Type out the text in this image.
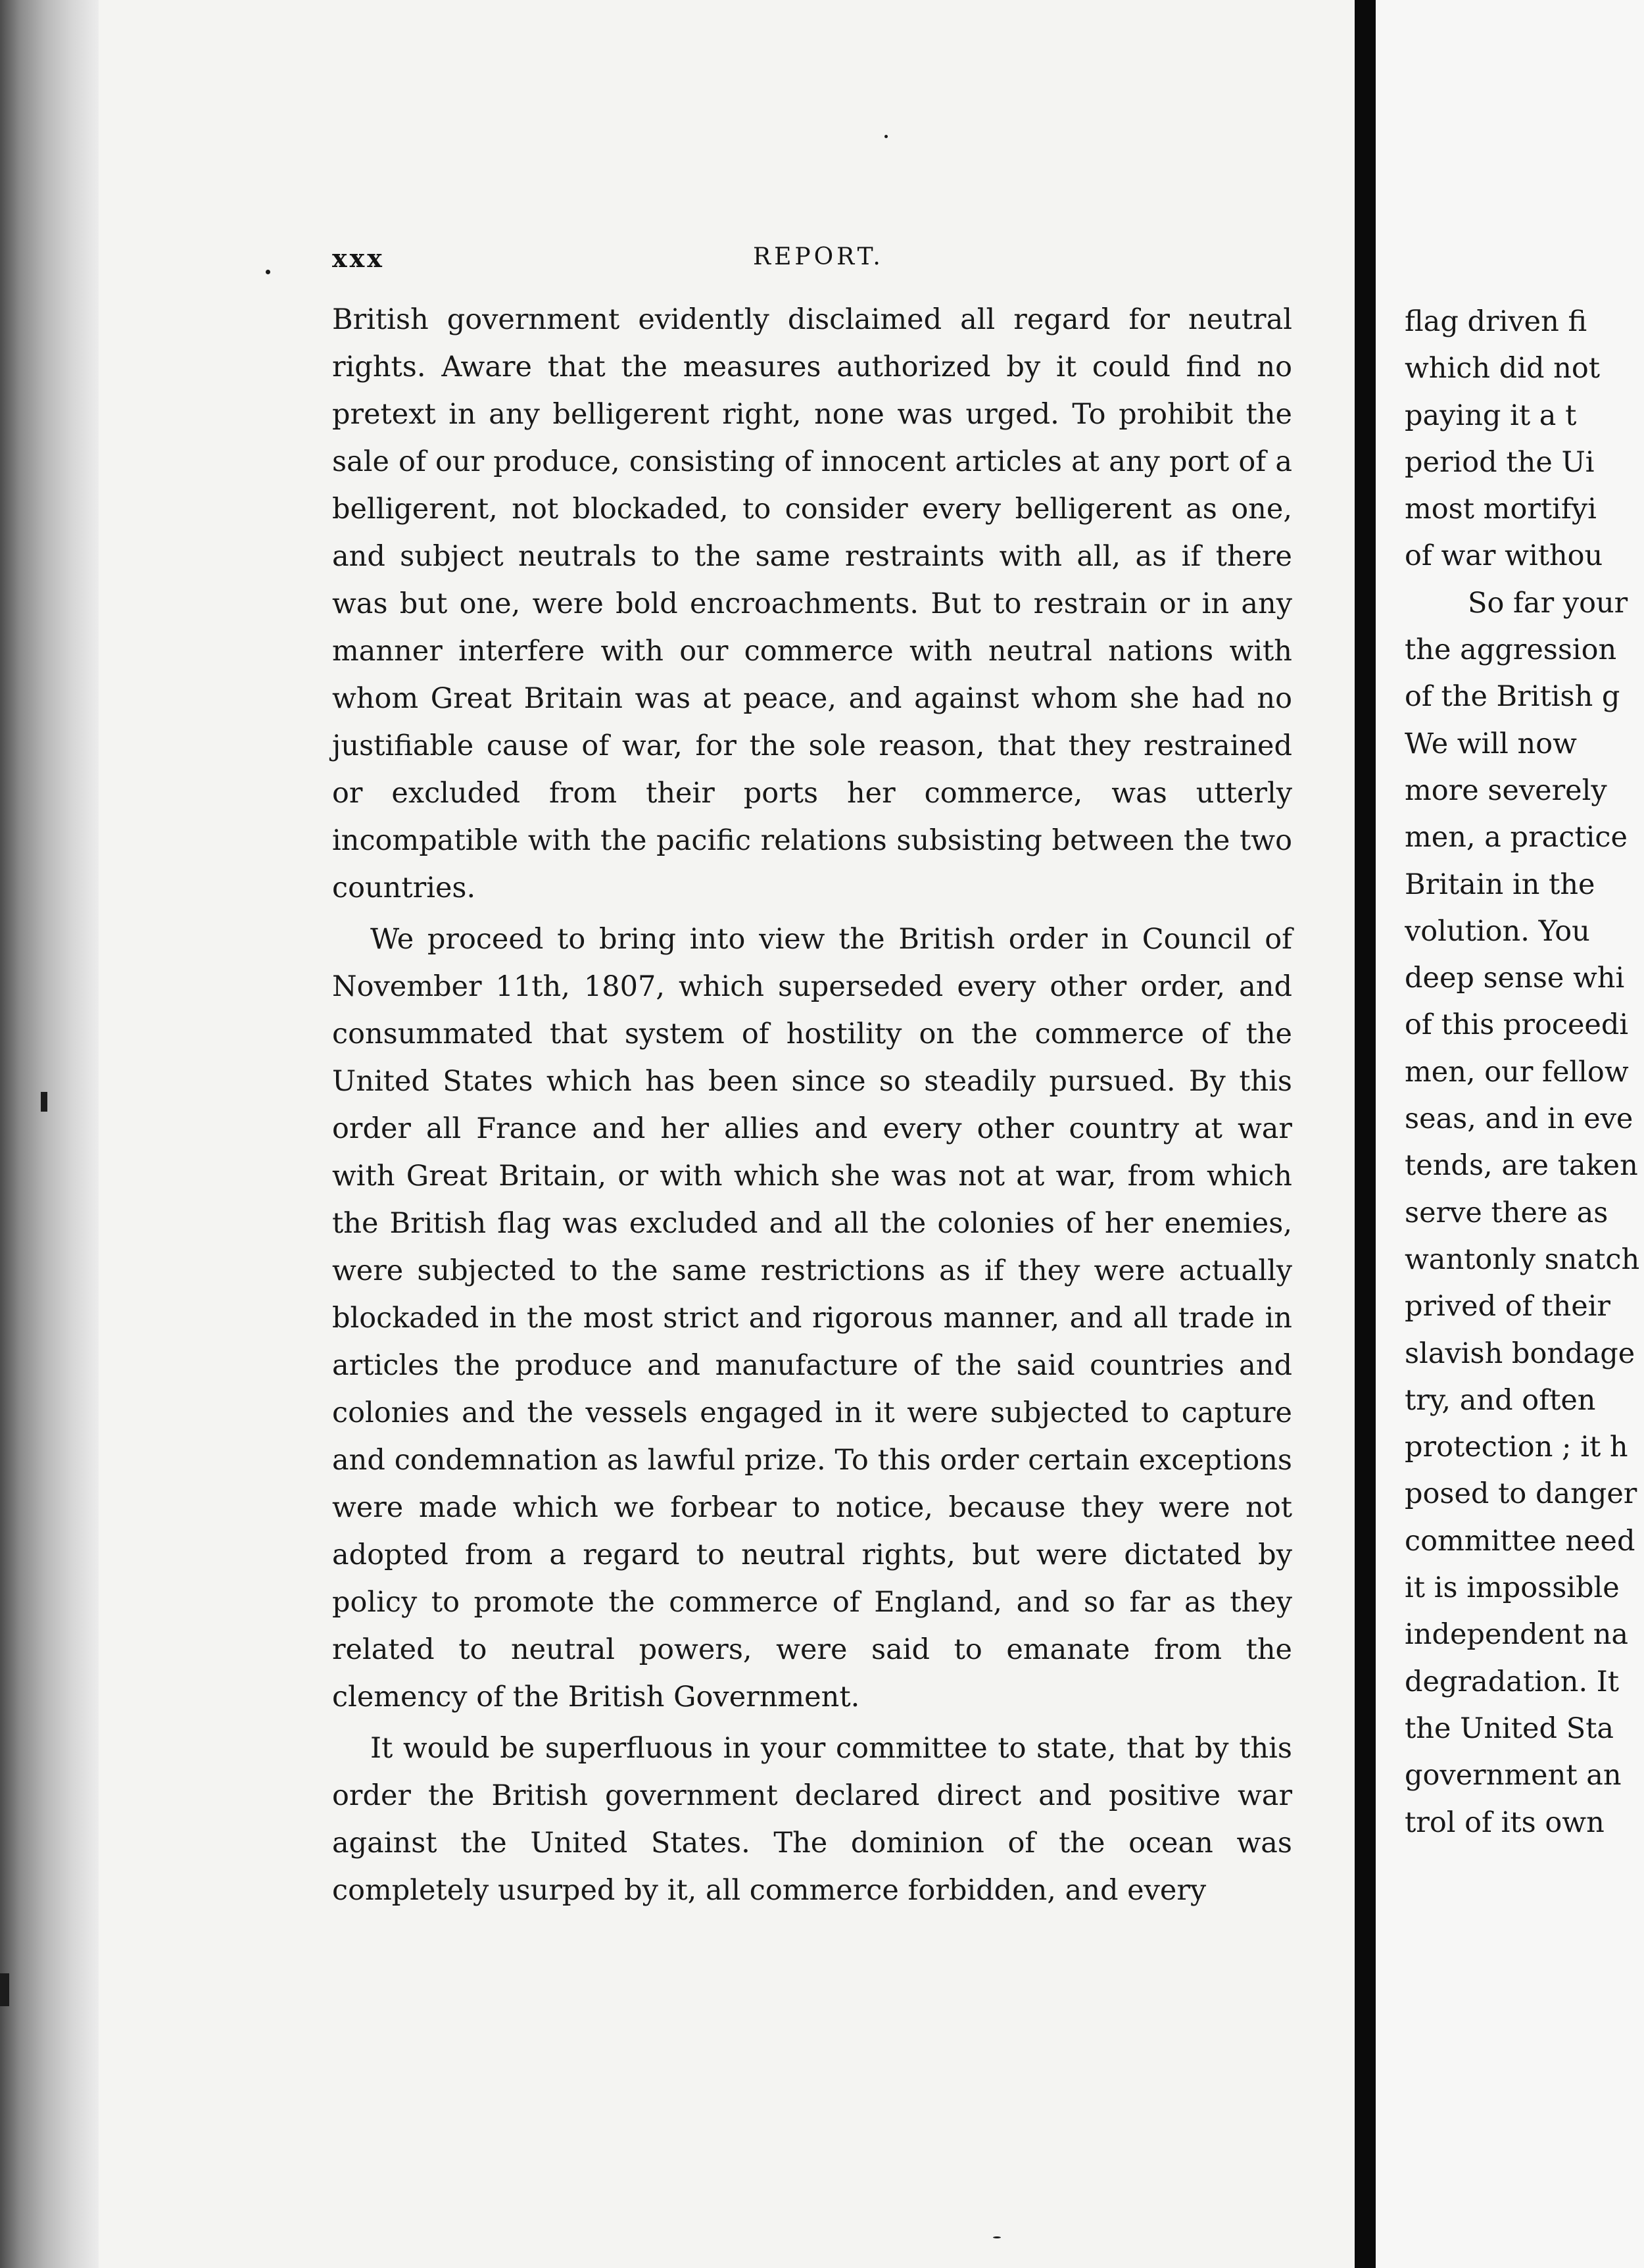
xxx	REPORT.

British government evidently disclaimed all regard for neutral rights. Aware that the measures authorized by it could find no pretext in any belligerent right, none was urged. To prohibit the sale of our produce, consisting of innocent articles at any port of a belligerent, not blockaded, to consider every belligerent as one, and subject neutrals to the same restraints with all, as if there was but one, were bold encroachments. But to restrain or in any manner interfere with our commerce with neutral nations with whom Great Britain was at peace, and against whom she had no justifiable cause of war, for the sole reason, that they restrained or excluded from their ports her commerce, was utterly incompatible with the pacific relations subsisting between the two countries.

We proceed to bring into view the British order in Council of November 11th, 1807, which superseded every other order, and consummated that system of hostility on the commerce of the United States which has been since so steadily pursued. By this order all France and her allies and every other country at war with Great Britain, or with which she was not at war, from which the British flag was excluded and all the colonies of her enemies, were subjected to the same restrictions as if they were actually blockaded in the most strict and rigorous manner, and all trade in articles the produce and manufacture of the said countries and colonies and the vessels engaged in it were subjected to capture and condemnation as lawful prize. To this order certain exceptions were made which we forbear to notice, because they were not adopted from a regard to neutral rights, but were dictated by policy to promote the commerce of England, and so far as they related to neutral powers, were said to emanate from the clemency of the British Government.

It would be superfluous in your committee to state, that by this order the British government declared direct and positive war against the United States. The dominion of the ocean was completely usurped by it, all commerce forbidden, and every

flag driven fi
which did not
paying it a t
period the Ui
most mortifyi
of war withou
So far your
the aggression
of the British g
We will now
more severely
men, a practice
Britain in the
volution. You
deep sense whi
of this proceedi
men, our fellow
seas, and in eve
tends, are taken
serve there as
wantonly snatch
prived of their
slavish bondage
try, and often
protection ; it h
posed to danger
committee need
it is impossible
independent na
degradation. It
the United Sta
government an
trol of its own
